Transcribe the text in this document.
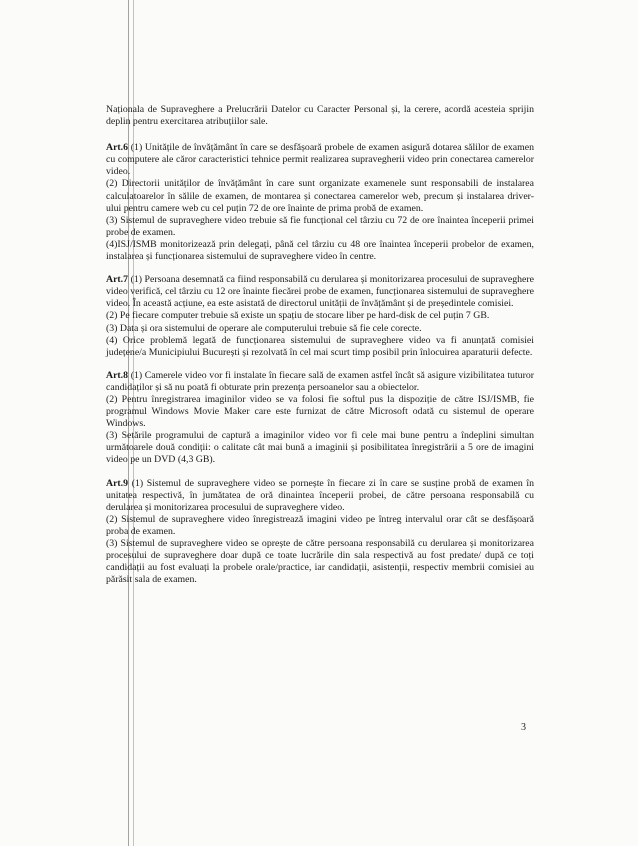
Naționala de Supraveghere a Prelucrării Datelor cu Caracter Personal și, la cerere, acordă acesteia sprijin deplin pentru exercitarea atribuțiilor sale.

Art.6 (1) Unitățile de învățământ în care se desfășoară probele de examen asigură dotarea sălilor de examen cu computere ale căror caracteristici tehnice permit realizarea supravegherii video prin conectarea camerelor video.

(2) Directorii unităților de învățământ în care sunt organizate examenele sunt responsabili de instalarea calculatoarelor în sălile de examen, de montarea și conectarea camerelor web, precum și instalarea driver-ului pentru camere web cu cel puțin 72 de ore înainte de prima probă de examen.

(3) Sistemul de supraveghere video trebuie să fie funcțional cel târziu cu 72 de ore înaintea începerii primei probe de examen.

(4)ISJ/ISMB monitorizează prin delegați, până cel târziu cu 48 ore înaintea începerii probelor de examen, instalarea și funcționarea sistemului de supraveghere video în centre.

Art.7 (1) Persoana desemnată ca fiind responsabilă cu derularea și monitorizarea procesului de supraveghere video verifică, cel târziu cu 12 ore înainte fiecărei probe de examen, funcționarea sistemului de supraveghere video. În această acțiune, ea este asistată de directorul unității de învățământ și de președintele comisiei.

(2) Pe fiecare computer trebuie să existe un spațiu de stocare liber pe hard-disk de cel puțin 7 GB.

(3) Data și ora sistemului de operare ale computerului trebuie să fie cele corecte.

(4) Orice problemă legată de funcționarea sistemului de supraveghere video va fi anunțată comisiei județene/a Municipiului București și rezolvată în cel mai scurt timp posibil prin înlocuirea aparaturii defecte.

Art.8 (1) Camerele video vor fi instalate în fiecare sală de examen astfel încât să asigure vizibilitatea tuturor candidaților și să nu poată fi obturate prin prezența persoanelor sau a obiectelor.

(2) Pentru înregistrarea imaginilor video se va folosi fie softul pus la dispoziție de către ISJ/ISMB, fie programul Windows Movie Maker care este furnizat de către Microsoft odată cu sistemul de operare Windows.

(3) Setările programului de captură a imaginilor video vor fi cele mai bune pentru a îndeplini simultan următoarele două condiții: o calitate cât mai bună a imaginii și posibilitatea înregistrării a 5 ore de imagini video pe un DVD (4,3 GB).

Art.9 (1) Sistemul de supraveghere video se pornește în fiecare zi în care se susține probă de examen în unitatea respectivă, în jumătatea de oră dinaintea începerii probei, de către persoana responsabilă cu derularea și monitorizarea procesului de supraveghere video.

(2) Sistemul de supraveghere video înregistrează imagini video pe întreg intervalul orar cât se desfășoară proba de examen.

(3) Sistemul de supraveghere video se oprește de către persoana responsabilă cu derularea și monitorizarea procesului de supraveghere doar după ce toate lucrările din sala respectivă au fost predate/ după ce toți candidații au fost evaluați la probele orale/practice, iar candidații, asistenții, respectiv membrii comisiei au părăsit sala de examen.

3
